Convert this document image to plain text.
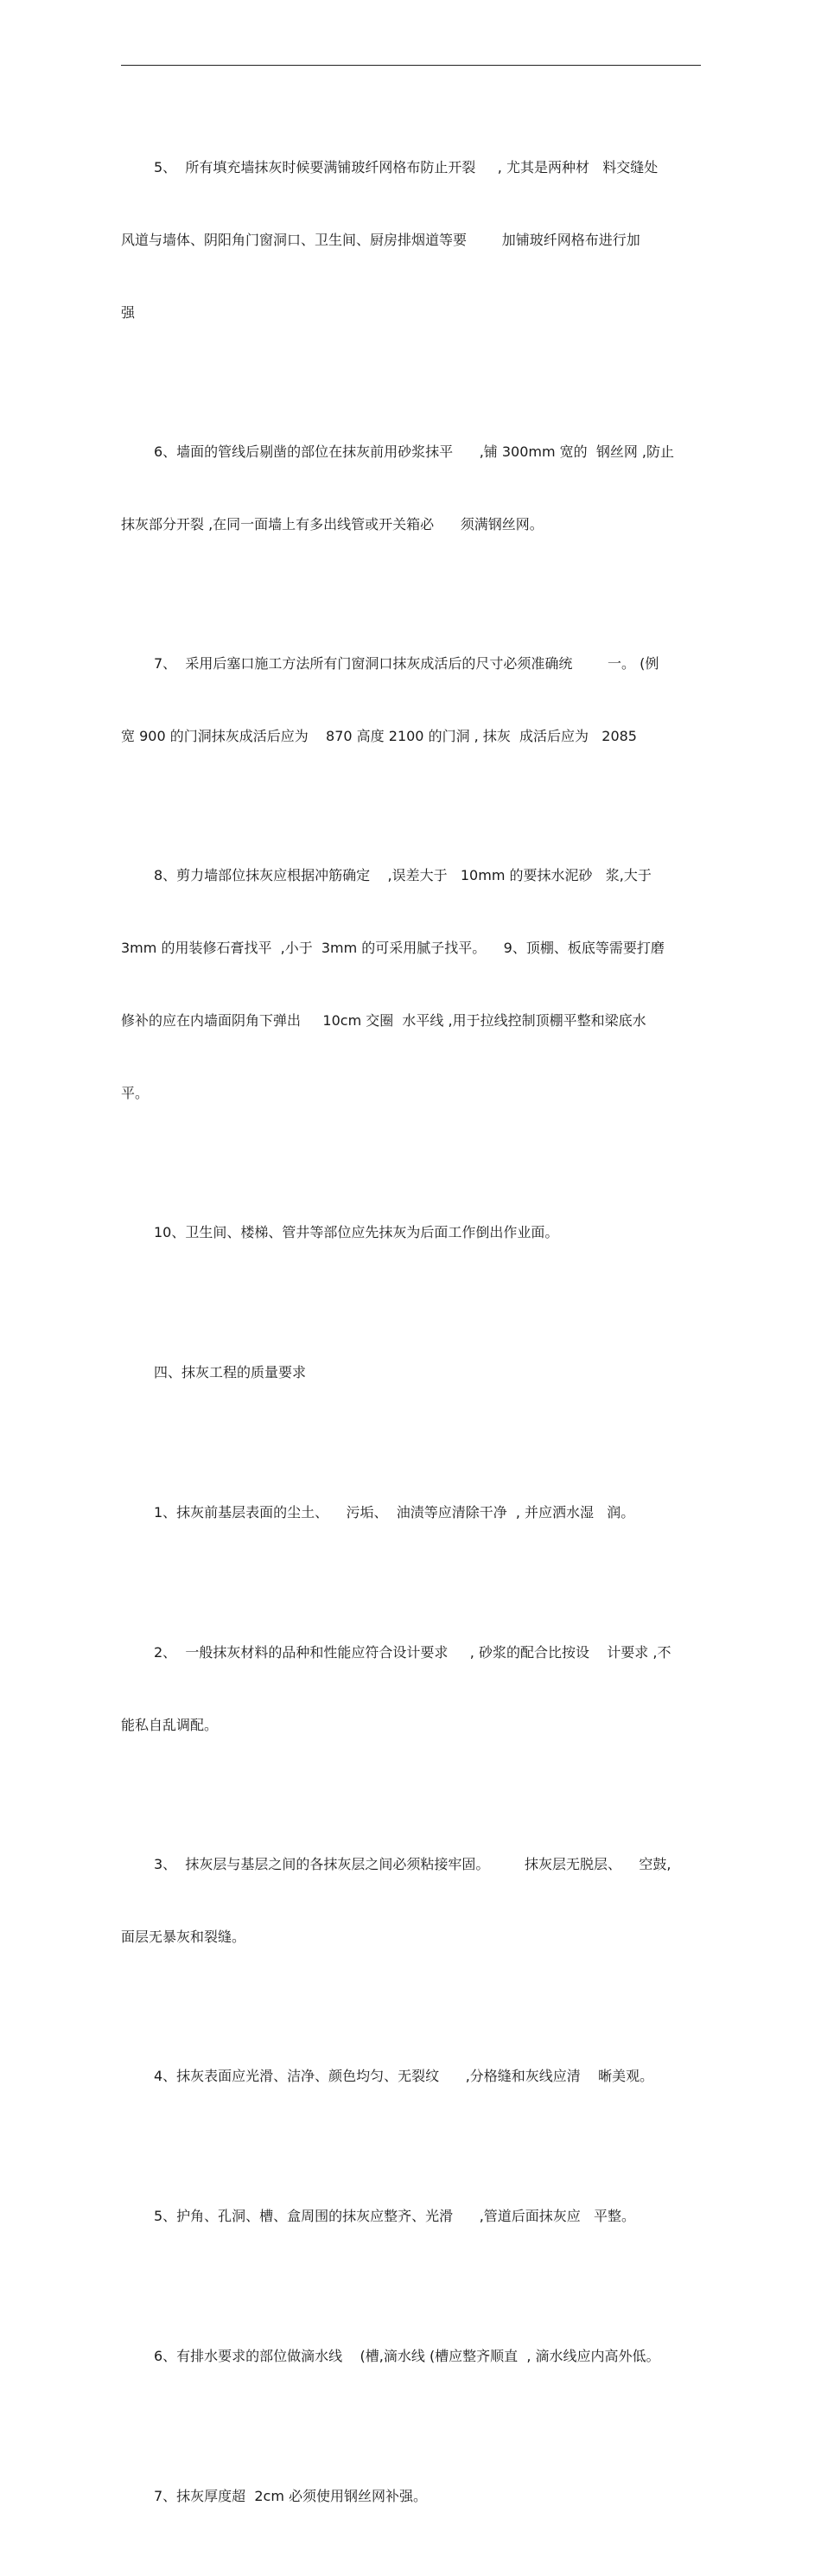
5、  所有填充墙抹灰时候要满铺玻纤网格布防止开裂     , 尤其是两种材   料交缝处

风道与墙体、阴阳角门窗洞口、卫生间、厨房排烟道等要        加铺玻纤网格布进行加

强

6、墙面的管线后剔凿的部位在抹灰前用砂浆抹平      ,铺 300mm 宽的  钢丝网 ,防止

抹灰部分开裂 ,在同一面墙上有多出线管或开关箱必      须满钢丝网。

7、  采用后塞口施工方法所有门窗洞口抹灰成活后的尺寸必须准确统        一。 (例

宽 900 的门洞抹灰成活后应为    870 高度 2100 的门洞 , 抹灰  成活后应为   2085

8、剪力墙部位抹灰应根据冲筋确定    ,误差大于   10mm 的要抹水泥砂   浆,大于

3mm 的用装修石膏找平  ,小于  3mm 的可采用腻子找平。    9、顶棚、板底等需要打磨

修补的应在内墙面阴角下弹出     10cm 交圈  水平线 ,用于拉线控制顶棚平整和梁底水

平。

10、卫生间、楼梯、管井等部位应先抹灰为后面工作倒出作业面。

四、抹灰工程的质量要求

1、抹灰前基层表面的尘土、    污垢、  油渍等应清除干净  , 并应洒水湿   润。

2、  一般抹灰材料的品种和性能应符合设计要求     , 砂浆的配合比按设    计要求 ,不

能私自乱调配。

3、  抹灰层与基层之间的各抹灰层之间必须粘接牢固。        抹灰层无脱层、    空鼓,

面层无暴灰和裂缝。

4、抹灰表面应光滑、洁净、颜色均匀、无裂纹      ,分格缝和灰线应清    晰美观。

5、护角、孔洞、槽、盒周围的抹灰应整齐、光滑      ,管道后面抹灰应   平整。

6、有排水要求的部位做滴水线    (槽,滴水线 (槽应整齐顺直  , 滴水线应内高外低。

7、抹灰厚度超  2cm 必须使用钢丝网补强。
